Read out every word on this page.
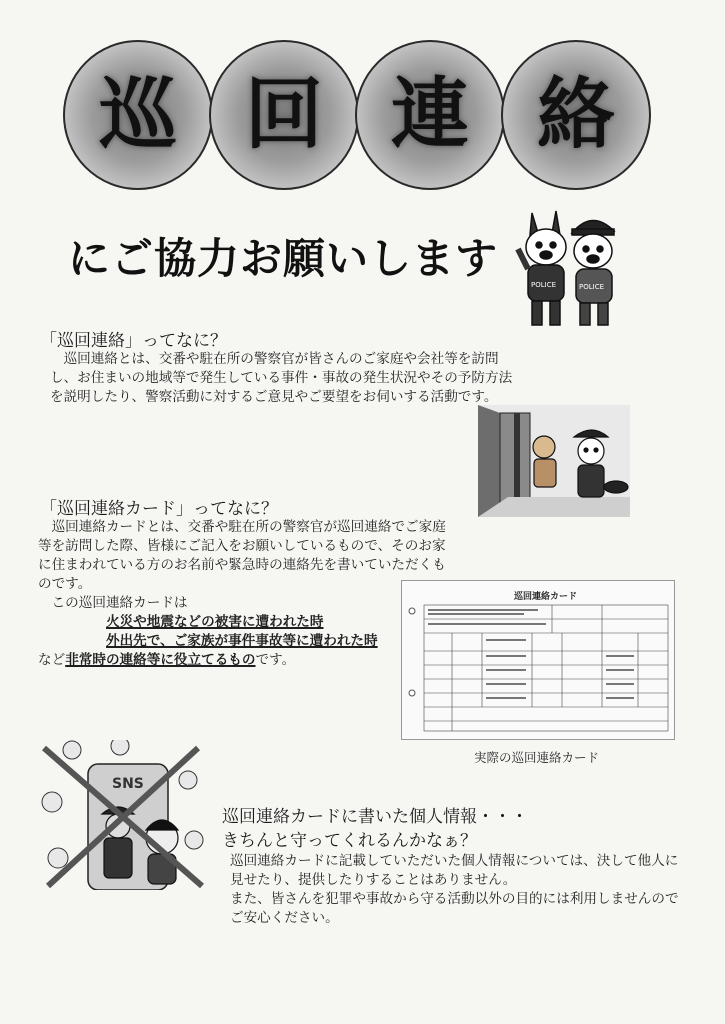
巡 回 連 絡
にご協力お願いします
POLICE	POLICE
「巡回連絡」ってなに？

巡回連絡とは、交番や駐在所の警察官が皆さんのご家庭や会社等を訪問し、お住まいの地域等で発生している事件・事故の発生状況やその予防方法を説明したり、警察活動に対するご意見やご要望をお伺いする活動です。

「巡回連絡カード」ってなに？

巡回連絡カードとは、交番や駐在所の警察官が巡回連絡でご家庭等を訪問した際、皆様にご記入をお願いしているもので、そのお家に住まわれている方のお名前や緊急時の連絡先を書いていただくものです。

この巡回連絡カードは

火災や地震などの被害に遭われた時

外出先で、ご家族が事件事故等に遭われた時

など非常時の連絡等に役立てるものです。

巡回連絡カード
実際の巡回連絡カード
SNS
巡回連絡カードに書いた個人情報・・・
きちんと守ってくれるんかなぁ？

巡回連絡カードに記載していただいた個人情報については、決して他人に見せたり、提供したりすることはありません。

また、皆さんを犯罪や事故から守る活動以外の目的には利用しませんのでご安心ください。
